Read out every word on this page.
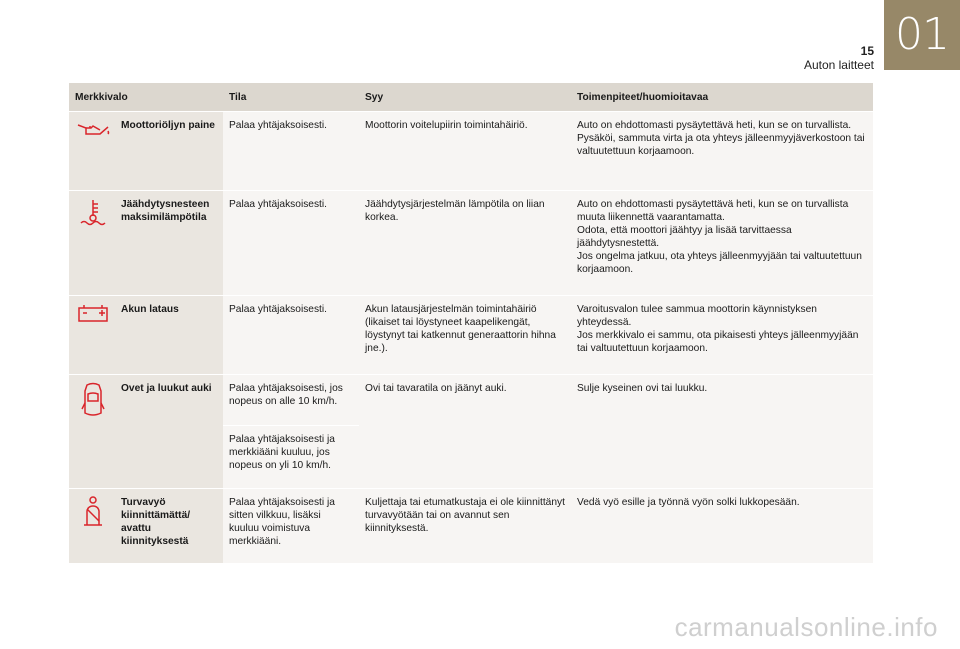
01
15
Auton laitteet
Merkkivalo		Tila	Syy	Toimenpiteet/huomioitavaa
	Moottoriöljyn paine	Palaa yhtäjaksoisesti.	Moottorin voitelupiirin toimintahäiriö.	Auto on ehdottomasti pysäytettävä heti, kun se on turvallista.
Pysäköi, sammuta virta ja ota yhteys jälleenmyyjäverkostoon tai valtuutettuun korjaamoon.
	Jäähdytysnesteen maksimilämpötila	Palaa yhtäjaksoisesti.	Jäähdytysjärjestelmän lämpötila on liian korkea.	Auto on ehdottomasti pysäytettävä heti, kun se on turvallista muuta liikennettä vaarantamatta.
Odota, että moottori jäähtyy ja lisää tarvittaessa jäähdytysnestettä.
Jos ongelma jatkuu, ota yhteys jälleenmyyjään tai valtuutettuun korjaamoon.
	Akun lataus	Palaa yhtäjaksoisesti.	Akun latausjärjestelmän toimintahäiriö (likaiset tai löystyneet kaapelikengät, löystynyt tai katkennut generaattorin hihna jne.).	Varoitusvalon tulee sammua moottorin käynnistyksen yhteydessä.
Jos merkkivalo ei sammu, ota pikaisesti yhteys jälleenmyyjään tai valtuutettuun korjaamoon.
	Ovet ja luukut auki	Palaa yhtäjaksoisesti, jos nopeus on alle 10 km/h.	Ovi tai tavaratila on jäänyt auki.	Sulje kyseinen ovi tai luukku.
		Palaa yhtäjaksoisesti ja merkkiääni kuuluu, jos nopeus on yli 10 km/h.		
	Turvavyö kiinnittämättä/ avattu kiinnityksestä	Palaa yhtäjaksoisesti ja sitten vilkkuu, lisäksi kuuluu voimistuva merkkiääni.	Kuljettaja tai etumatkustaja ei ole kiinnittänyt turvavyötään tai on avannut sen kiinnityksestä.	Vedä vyö esille ja työnnä vyön solki lukkopesään.
carmanualsonline.info
